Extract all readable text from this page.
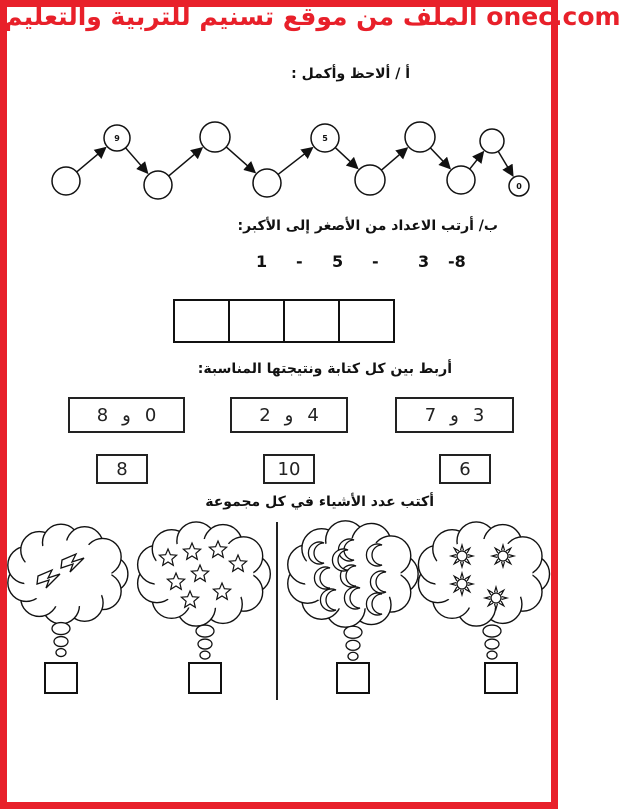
الملف من موقع تسنيم للتربية والتعليم onec.com
أ / ألاحظ وأكمل :
9	5
0
ب/ أرتب الاعداد من الأصغر إلى الأكبر:
1 - 5 - 3 -8
أربط بين كل كتابة ونتيجتها المناسبة:
0
و
8	4
و
2	3
و
7
8	10	6
أكتب عدد الأشياء في كل مجموعة
